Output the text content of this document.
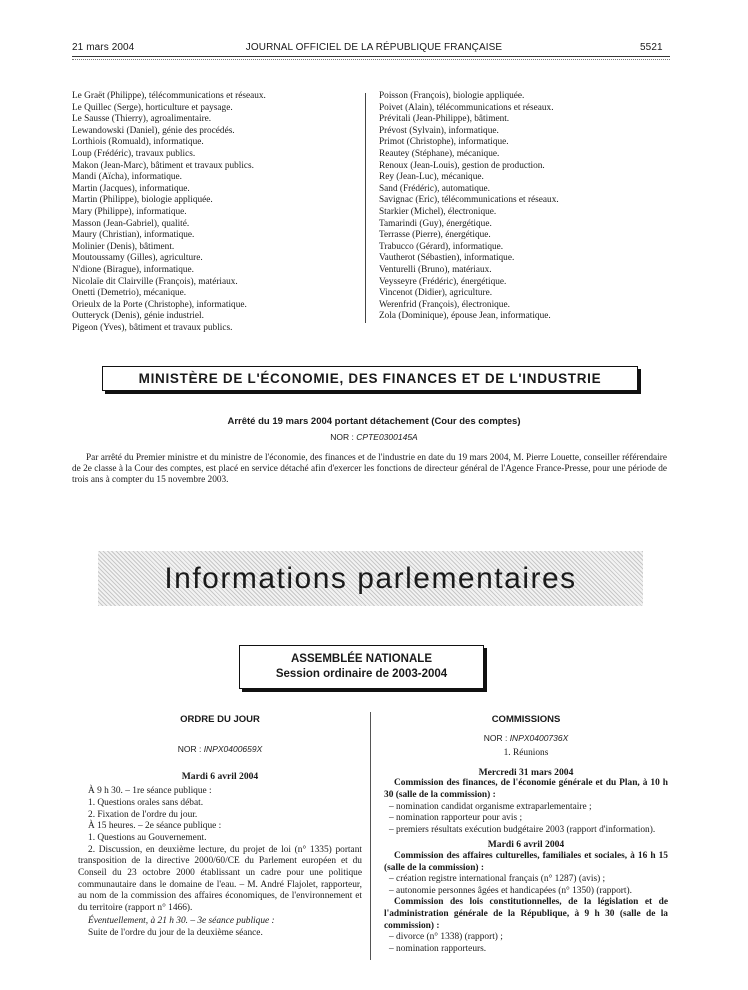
21 mars 2004	JOURNAL OFFICIEL DE LA RÉPUBLIQUE FRANÇAISE	5521
Le Graët (Philippe), télécommunications et réseaux.
Le Quillec (Serge), horticulture et paysage.
Le Sausse (Thierry), agroalimentaire.
Lewandowski (Daniel), génie des procédés.
Lorthiois (Romuald), informatique.
Loup (Frédéric), travaux publics.
Makon (Jean-Marc), bâtiment et travaux publics.
Mandi (Aïcha), informatique.
Martin (Jacques), informatique.
Martin (Philippe), biologie appliquée.
Mary (Philippe), informatique.
Masson (Jean-Gabriel), qualité.
Maury (Christian), informatique.
Molinier (Denis), bâtiment.
Moutoussamy (Gilles), agriculture.
N'dione (Birague), informatique.
Nicolaïe dit Clairville (François), matériaux.
Onetti (Demetrio), mécanique.
Orieulx de la Porte (Christophe), informatique.
Outteryck (Denis), génie industriel.
Pigeon (Yves), bâtiment et travaux publics.
Poisson (François), biologie appliquée.
Poivet (Alain), télécommunications et réseaux.
Prévitali (Jean-Philippe), bâtiment.
Prévost (Sylvain), informatique.
Primot (Christophe), informatique.
Reautey (Stéphane), mécanique.
Renoux (Jean-Louis), gestion de production.
Rey (Jean-Luc), mécanique.
Sand (Frédéric), automatique.
Savignac (Eric), télécommunications et réseaux.
Starkier (Michel), électronique.
Tamarindi (Guy), énergétique.
Terrasse (Pierre), énergétique.
Trabucco (Gérard), informatique.
Vautherot (Sébastien), informatique.
Venturelli (Bruno), matériaux.
Veysseyre (Frédéric), énergétique.
Vincenot (Didier), agriculture.
Werenfrid (François), électronique.
Zola (Dominique), épouse Jean, informatique.
MINISTÈRE DE L'ÉCONOMIE, DES FINANCES ET DE L'INDUSTRIE
Arrêté du 19 mars 2004 portant détachement (Cour des comptes)
NOR : CPTE0300145A
Par arrêté du Premier ministre et du ministre de l'économie, des finances et de l'industrie en date du 19 mars 2004, M. Pierre Louette, conseiller référendaire de 2e classe à la Cour des comptes, est placé en service détaché afin d'exercer les fonctions de directeur général de l'Agence France-Presse, pour une période de trois ans à compter du 15 novembre 2003.
Informations parlementaires
ASSEMBLÉE NATIONALE
Session ordinaire de 2003-2004
ORDRE DU JOUR
NOR : INPX0400659X
Mardi 6 avril 2004
À 9 h 30. – 1re séance publique :
1. Questions orales sans débat.
2. Fixation de l'ordre du jour.
À 15 heures. – 2e séance publique :
1. Questions au Gouvernement.
2. Discussion, en deuxième lecture, du projet de loi (n° 1335) portant transposition de la directive 2000/60/CE du Parlement européen et du Conseil du 23 octobre 2000 établissant un cadre pour une politique communautaire dans le domaine de l'eau. – M. André Flajolet, rapporteur, au nom de la commission des affaires économiques, de l'environnement et du territoire (rapport n° 1466).
Éventuellement, à 21 h 30. – 3e séance publique :
Suite de l'ordre du jour de la deuxième séance.
COMMISSIONS
NOR : INPX0400736X
1. Réunions
Mercredi 31 mars 2004
Commission des finances, de l'économie générale et du Plan, à 10 h 30 (salle de la commission) :
– nomination candidat organisme extraparlementaire ;
– nomination rapporteur pour avis ;
– premiers résultats exécution budgétaire 2003 (rapport d'information).
Mardi 6 avril 2004
Commission des affaires culturelles, familiales et sociales, à 16 h 15 (salle de la commission) :
– création registre international français (n° 1287) (avis) ;
– autonomie personnes âgées et handicapées (n° 1350) (rapport).
Commission des lois constitutionnelles, de la législation et de l'administration générale de la République, à 9 h 30 (salle de la commission) :
– divorce (n° 1338) (rapport) ;
– nomination rapporteurs.
